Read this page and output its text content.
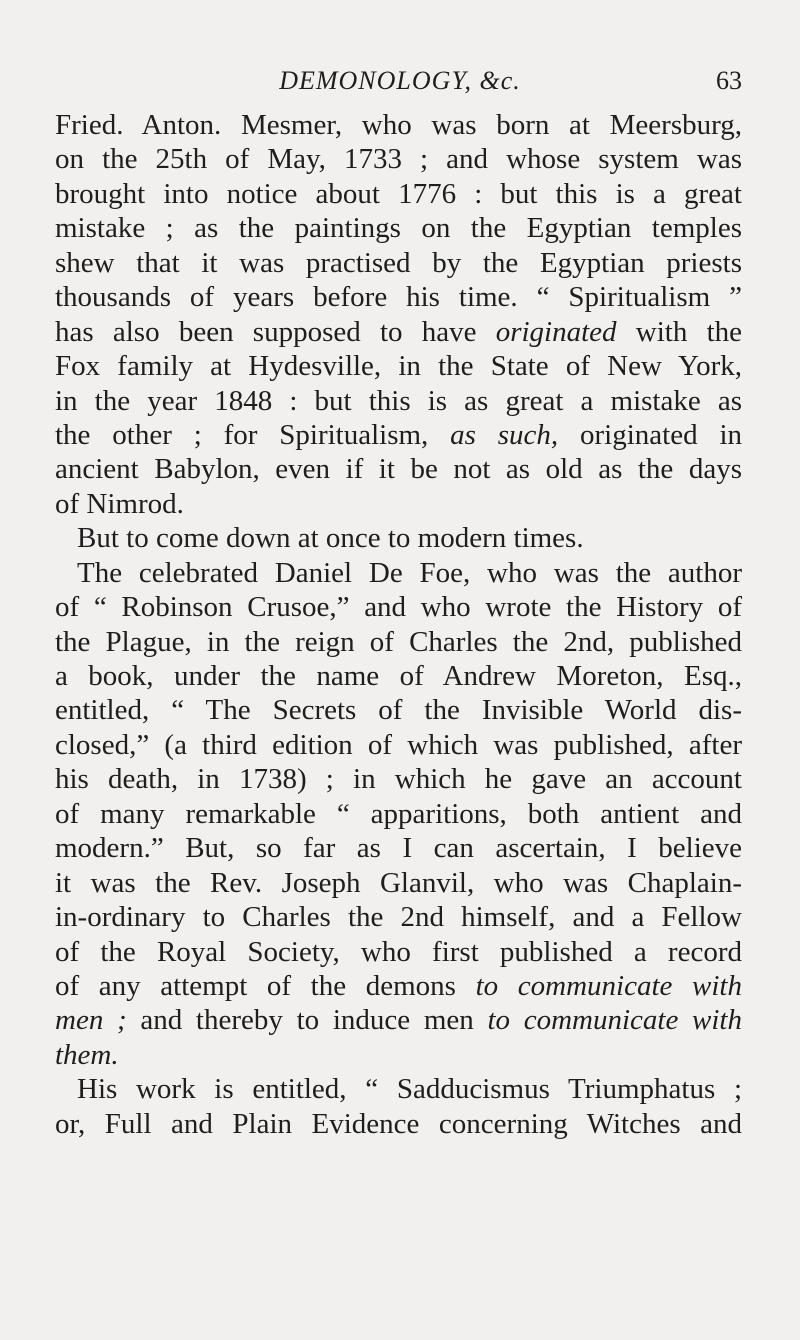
DEMONOLOGY, &c.	63
Fried. Anton. Mesmer, who was born at Meersburg,
on the 25th of May, 1733 ; and whose system was
brought into notice about 1776 : but this is a great
mistake ; as the paintings on the Egyptian temples
shew that it was practised by the Egyptian priests
thousands of years before his time. “ Spiritualism ”
has also been supposed to have originated with the
Fox family at Hydesville, in the State of New York,
in the year 1848 : but this is as great a mistake as
the other ; for Spiritualism, as such, originated in
ancient Babylon, even if it be not as old as the days
of Nimrod.
But to come down at once to modern times.
The celebrated Daniel De Foe, who was the author
of “ Robinson Crusoe,” and who wrote the History of
the Plague, in the reign of Charles the 2nd, published
a book, under the name of Andrew Moreton, Esq.,
entitled, “ The Secrets of the Invisible World dis-
closed,” (a third edition of which was published, after
his death, in 1738) ; in which he gave an account
of many remarkable “ apparitions, both antient and
modern.” But, so far as I can ascertain, I believe
it was the Rev. Joseph Glanvil, who was Chaplain-
in-ordinary to Charles the 2nd himself, and a Fellow
of the Royal Society, who first published a record
of any attempt of the demons to communicate with
men ; and thereby to induce men to communicate with
them.
His work is entitled, “ Sadducismus Triumphatus ;
or, Full and Plain Evidence concerning Witches and
